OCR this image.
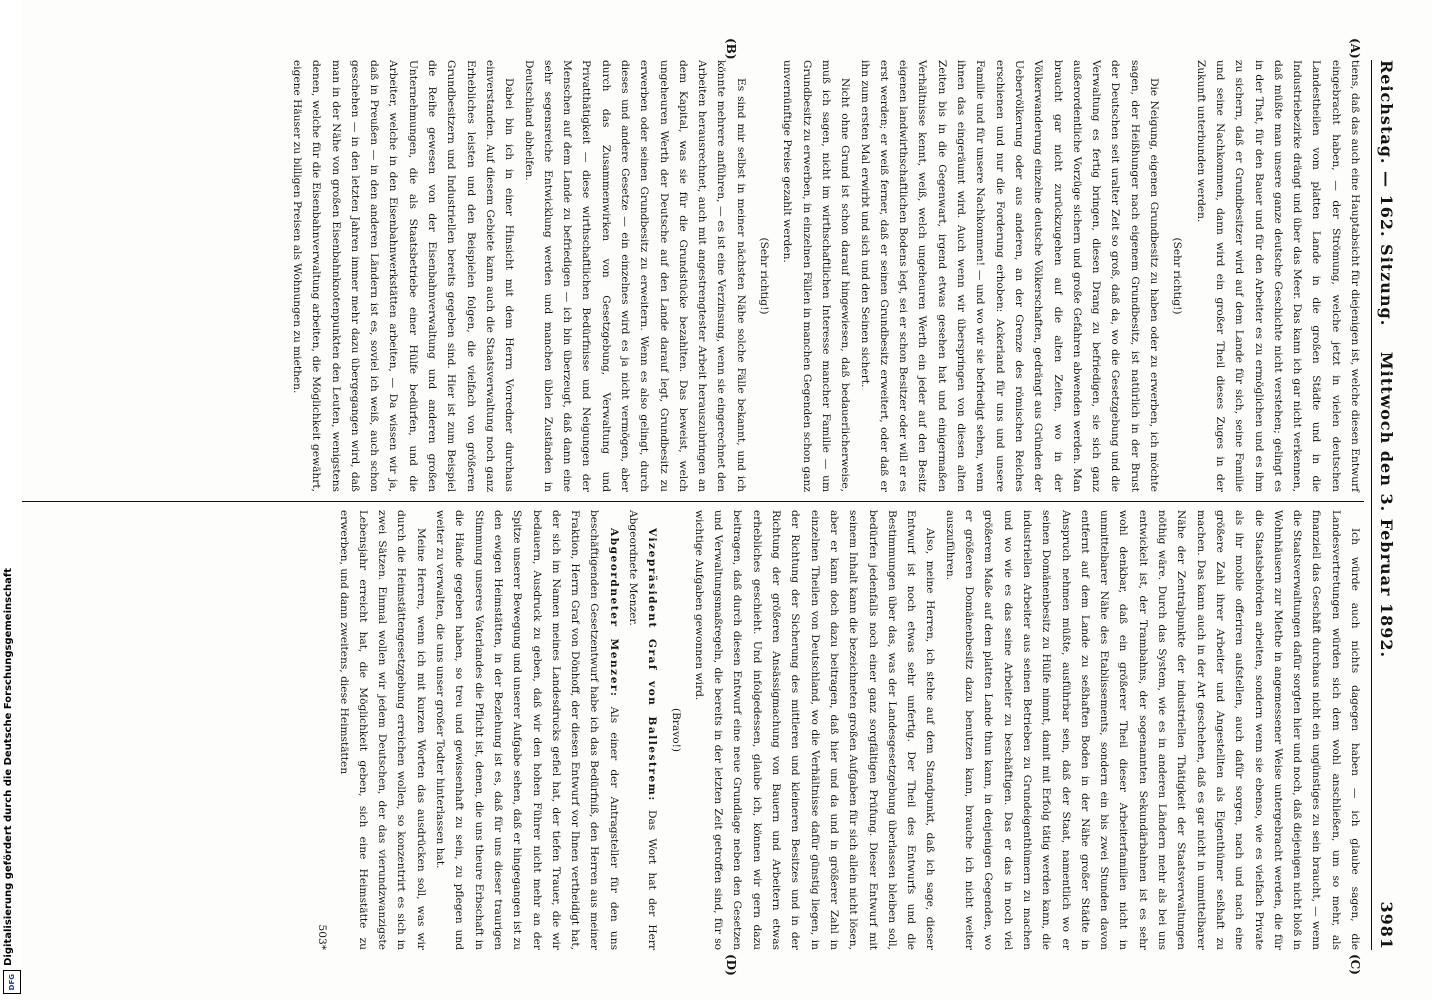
Reichstag. — 162. Sitzung.
Mittwoch den 3. Februar 1892.
3981
(A)
(B)
(C)
(D)

tiens, daß das auch eine Hauptabsicht für diejenigen ist, welche diesen Entwurf eingebracht haben, — der Strömung, welche jetzt in vielen deutschen Landestheilen vom platten Lande in die großen Städte und in die Industriebezirke drängt und über das Meer. Das kann ich gar nicht verkennen, daß müßte man unsere ganze deutsche Geschichte nicht verstehen; gelingt es in der That, für den Bauer und für den Arbeiter es zu ermöglichen und es ihm zu sichern, daß er Grundbesitzer wird auf dem Lande für sich, seine Familie und seine Nachkommen, dann wird ein großer Theil dieses Zuges in der Zukunft unterbunden werden.

(Sehr richtig!)

Die Neigung, eigenen Grundbesitz zu haben oder zu erwerben, ich möchte sagen, der Heißhunger nach eigenem Grundbesitz, ist natürlich in der Brust der Deutschen seit uralter Zeit so groß, daß da, wo die Gesetzgebung und die Verwaltung es fertig bringen, diesen Drang zu befriedigen, sie sich ganz außerordentliche Vorzüge sichern und große Gefahren abwenden werden. Man braucht gar nicht zurückzugehen auf die alten Zeiten, wo in der Völkerwanderung einzelne deutsche Völkerschaften, gedrängt aus Gründen der Uebervölkerung oder aus anderen, an der Grenze des römischen Reiches erschienen und nur die Forderung erhoben: Ackerland für uns und unsere Familie und für unsere Nachkommen! — und wo wir sie befriedigt sehen, wenn ihnen das eingeräumt wird. Auch wenn wir überspringen von diesen alten Zeiten bis in die Gegenwart, irgend etwas gesehen hat und einigermaßen Verhältnisse kennt, weiß, welch ungeheuren Werth ein jeder auf den Besitz eigenen landwirthschaftlichen Bodens legt, sei er schon Besitzer oder will er es erst werden; er weiß ferner, daß er seinen Grundbesitz erweitert, oder daß er ihn zum ersten Mal erwirbt und sich und den Seinen sichert.

Nicht ohne Grund ist schon darauf hingewiesen, daß bedauerlicherweise, muß ich sagen, nicht im wirthschaftlichen Interesse mancher Familie — um Grundbesitz zu erwerben, in einzelnen Fällen in manchen Gegenden schon ganz unvernünftige Preise gezahlt werden.

(Sehr richtig!)

Es sind mir selbst in meiner nächsten Nähe solche Fälle bekannt, und ich könnte mehrere anführen, — es ist eine Verzinsung, wenn sie eingerechnet den Arbeiten herausrechnet, auch mit angestrengtester Arbeit herauszubringen an dem Kapital, was sie für die Grundstücke bezahlten. Das beweist, welch ungeheuren Werth der Deutsche auf den Lande darauf legt, Grundbesitz zu erwerben oder seinen Grundbesitz zu erweitern. Wenn es also gelingt, durch dieses und andere Gesetze — ein einzelnes wird es ja nicht vermögen, aber durch das Zusammenwirken von Gesetzgebung, Verwaltung und Privatthätigkeit — diese wirthschaftlichen Bedürfnisse und Neigungen der Menschen auf dem Lande zu befriedigen — ich bin überzeugt, daß dann eine sehr segensreiche Entwicklung werden und manchen üblen Zuständen in Deutschland abhelfen.

Dabei bin ich in einer Hinsicht mit dem Herrn Vorredner durchaus einverstanden. Auf diesem Gebiete kann auch die Staatsverwaltung noch ganz Erhebliches leisten und den Beispielen folgen, die vielfach von größeren Grundbesitzern und Industriellen bereits gegeben sind. Hier ist zum Beispiel die Reihe gewesen von der Eisenbahnverwaltung und anderen großen Unternehmungen, die als Staatsbetriebe einer Hülfe bedürfen, und die Arbeiter, welche in den Eisenbahnwerkstätten arbeiten, — Da wissen wir ja, daß in Preußen — in den anderen Ländern ist es, soviel ich weiß, auch schon geschehen — in den letzten Jahren immer mehr dazu übergegangen wird, daß man in der Nähe von großen Eisenbahnknotenpunkten den Leuten, wenigstens denen, welche für die Eisenbahnverwaltung arbeiten, die Möglichkeit gewährt, eigene Häuser zu billigen Preisen als Wohnungen zu miethen.

Ich würde auch nichts dagegen haben — ich glaube sagen, die Landesvertretungen würden sich dem wohl anschließen, um so mehr, als finanziell das Geschäft durchaus nicht ein ungünstiges zu sein braucht, — wenn die Staatsverwaltungen dafür sorgten hier und noch, daß diejenigen nicht bloß in Wohnhäusern zur Miethe in angemessener Weise untergebracht werden, die für die Staatsbehörden arbeiten, sondern wenn sie ebenso, wie es vielfach Private als ihr mobile offeriren aufstellen, auch dafür sorgen, nach und nach eine größere Zahl ihrer Arbeiter und Angestellten als Eigenthümer seßhaft zu machen. Das kann auch in der Art geschehen, daß es gar nicht in unmittelbarer Nähe der Zentralpunkte der industriellen Thätigkeit der Staatsverwaltungen nöthig wäre. Durch das System, wie es in anderen Ländern mehr als bei uns entwickelt ist, der Trambahns, der sogenannten Sekundärbahnen ist es sehr wohl denkbar, daß ein größerer Theil dieser Arbeiterfamilien nicht in unmittelbarer Nähe des Etablissements, sondern ein bis zwei Stunden davon entfernt auf dem Lande zu seßhaften Boden in der Nähe großer Städte in Anspruch nehmen müßte, ausführbar sein, daß der Staat, namentlich wo er seinen Domänenbesitz zu Hülfe nimmt, damit mit Erfolg tätig werden kann, die industriellen Arbeiter aus seinen Betrieben zu Grundeigenthümern zu machen und wo wie es das seine Arbeiter zu beschäftigen. Das er das in noch viel größerem Maße auf dem platten Lande thun kann, in denjenigen Gegenden, wo er größeren Domänenbesitz dazu benutzen kann, brauche ich nicht weiter auszuführen.

Also, meine Herren, ich stehe auf dem Standpunkt, daß ich sage, dieser Entwurf ist noch etwas sehr unfertig. Der Theil des Entwurfs und die Bestimmungen über das, was der Landesgesetzgebung überlassen bleiben soll, bedürfen jedenfalls noch einer ganz sorgfältigen Prüfung. Dieser Entwurf mit seinem Inhalt kann die bezeichneten großen Aufgaben für sich allein nicht lösen, aber er kann doch dazu beitragen, daß hier und da und in größerer Zahl in einzelnen Theilen von Deutschland, wo die Verhältnisse dafür günstig liegen, in der Richtung der Sicherung des mittleren und kleineren Besitzes und in der Richtung der größeren Ansässigmachung von Bauern und Arbeitern etwas erhebliches geschieht. Und infolgedessen, glaube ich, können wir gern dazu beitragen, daß durch diesen Entwurf eine neue Grundlage neben den Gesetzen und Verwaltungsmaßregeln, die bereits in der letzten Zeit getroffen sind, für so wichtige Aufgaben gewonnen wird.

(Bravo!)

Vizepräsident Graf von Ballestrem: Das Wort hat der Herr Abgeordnete Menzer.

Abgeordneter Menzer: Als einer der Antragsteller für den uns beschäftigenden Gesetzentwurf habe ich das Bedürfniß, den Herren aus meiner Fraktion, Herrn Graf von Dönhoff, der diesen Entwurf vor Ihnen vertheidigt hat, der sich im Namen meines Landesdrucks gefiel hat, der tiefen Trauer, die wir bedauern, Ausdruck zu geben, daß wir den hohen Führer nicht mehr an der Spitze unserer Bewegung und unserer Aufgabe sehen, daß er hingegangen ist zu den ewigen Heimstätten, in der Beziehung ist es, daß für uns dieser traurigen Stimmung unseres Vaterlandes die Pflicht ist, denen, die uns theure Erbschaft in die Hände gegeben haben, so treu und gewissenhaft zu sein, zu pflegen und weiter zu verwalten, die uns unser großer Todter hinterlassen hat.

Meine Herren, wenn ich mit kurzen Worten das ausdrücken soll, was wir durch die Heimstättengesetzgebung erreichen wollen, so konzentrirt es sich in zwei Sätzen. Einmal wollen wir jedem Deutschen, der das vierundzwanzigste Lebensjahr erreicht hat, die Möglichkeit geben, sich eine Heimstätte zu erwerben, und dann zweitens, diese Heimstätten

503*

Digitalisierung gefördert durch die Deutsche Forschungsgemeinschaft
DFG
